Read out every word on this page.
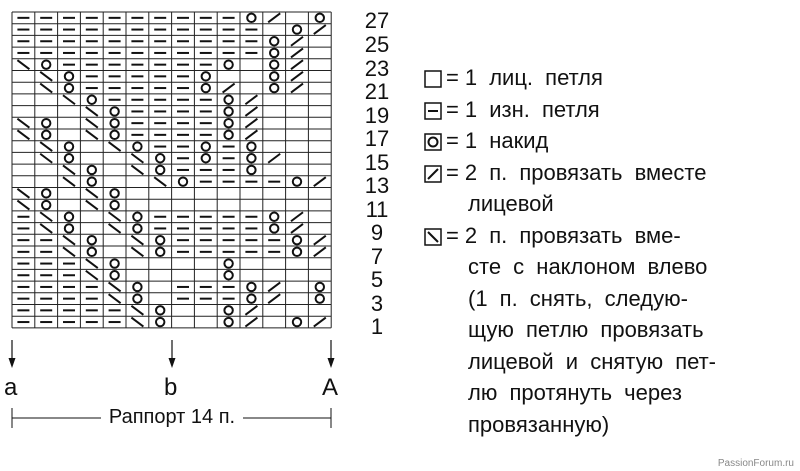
27
25
23
21
19
17
15
13
11
9
7
5
3
1
a	b	A
Раппорт 14 п.
= 1 лиц. петля
= 1 изн. петля
= 1 накид
= 2 п. провязать вместе
лицевой
= 2 п. провязать вме-
сте с наклоном влево
(1 п. снять, следую-
щую петлю провязать
лицевой и снятую пет-
лю протянуть через
провязанную)
PassionForum.ru
